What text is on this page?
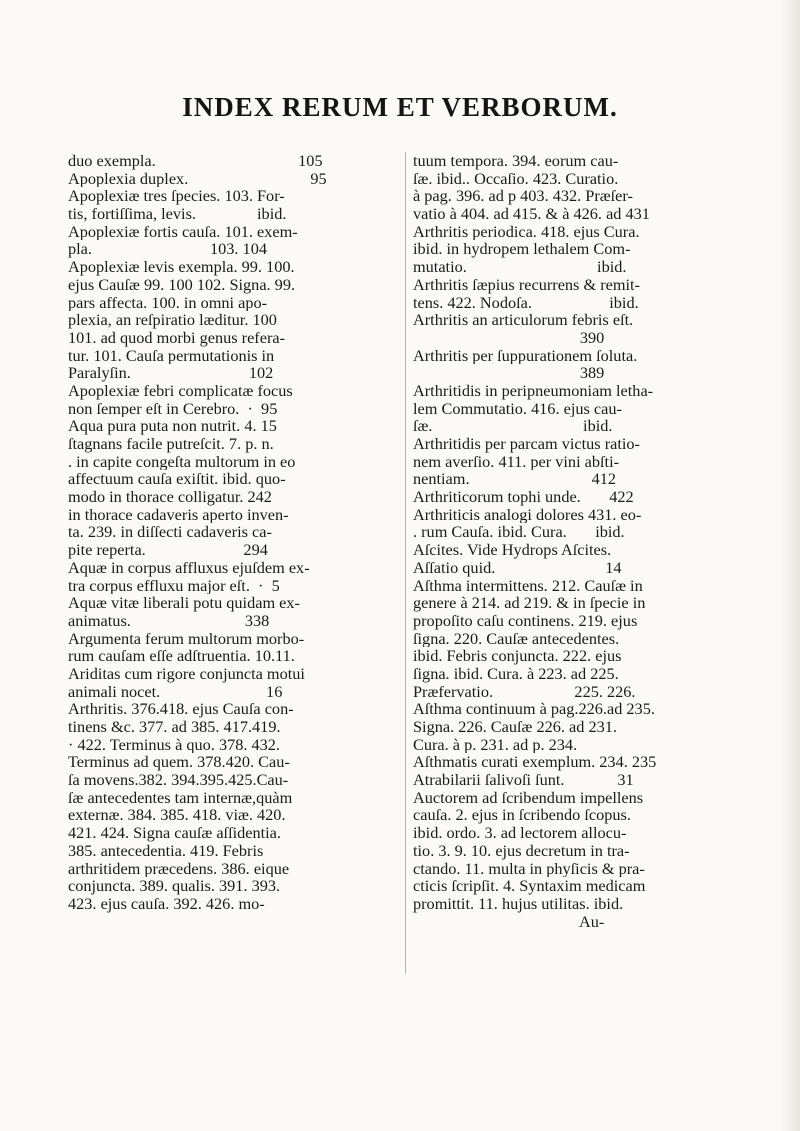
INDEX RERUM ET VERBORUM.
duo exempla.                                   105
Apoplexia duplex.                              95
Apoplexiæ tres ſpecies. 103. For-
tis, fortiſſima, levis.               ibid.
Apoplexiæ fortis cauſa. 101. exem-
pla.                             103. 104
Apoplexiæ levis exempla. 99. 100.
ejus Cauſæ 99. 100 102. Signa. 99.
pars affecta. 100. in omni apo-
plexia, an reſpiratio læditur. 100
101. ad quod morbi genus refera-
tur. 101. Cauſa permutationis in
Paralyſin.                             102
Apoplexiæ febri complicatæ focus
non ſemper eſt in Cerebro.  ·  95
Aqua pura puta non nutrit. 4. 15
ſtagnans facile putreſcit. 7. p. n.
. in capite congeſta multorum in eo
affectuum cauſa exiſtit. ibid. quo-
modo in thorace colligatur. 242
in thorace cadaveris aperto inven-
ta. 239. in diſſecti cadaveris ca-
pite reperta.                        294
Aquæ in corpus affluxus ejuſdem ex-
tra corpus effluxu major eſt.  ·  5
Aquæ vitæ liberali potu quidam ex-
animatus.                            338
Argumenta ferum multorum morbo-
rum cauſam eſſe adſtruentia. 10.11.
Ariditas cum rigore conjuncta motui
animali nocet.                          16
Arthritis. 376.418. ejus Cauſa con-
tinens &c. 377. ad 385. 417.419.
· 422. Terminus à quo. 378. 432.
Terminus ad quem. 378.420. Cau-
ſa movens.382. 394.395.425.Cau-
ſæ antecedentes tam internæ,quàm
externæ. 384. 385. 418. viæ. 420.
421. 424. Signa cauſæ aſſidentia.
385. antecedentia. 419. Febris
arthritidem præcedens. 386. eique
conjuncta. 389. qualis. 391. 393.
423. ejus cauſa. 392. 426. mo-
tuum tempora. 394. eorum cau-
ſæ. ibid.. Occaſio. 423. Curatio.
à pag. 396. ad p 403. 432. Præſer-
vatio à 404. ad 415. & à 426. ad 431
Arthritis periodica. 418. ejus Cura.
ibid. in hydropem lethalem Com-
mutatio.                                ibid.
Arthritis ſæpius recurrens & remit-
tens. 422. Nodoſa.                   ibid.
Arthritis an articulorum febris eſt.
390
Arthritis per ſuppurationem ſoluta.
389
Arthritidis in peripneumoniam letha-
lem Commutatio. 416. ejus cau-
ſæ.                                     ibid.
Arthritidis per parcam victus ratio-
nem averſio. 411. per vini abſti-
nentiam.                              412
Arthriticorum tophi unde.       422
Arthriticis analogi dolores 431. eo-
. rum Cauſa. ibid. Cura.       ibid.
Aſcites. Vide Hydrops Aſcites.
Aſſatio quid.                           14
Aſthma intermittens. 212. Cauſæ in
genere à 214. ad 219. & in ſpecie in
propoſito caſu continens. 219. ejus
ſigna. 220. Cauſæ antecedentes.
ibid. Febris conjuncta. 222. ejus
ſigna. ibid. Cura. à 223. ad 225.
Præfervatio.                    225. 226.
Aſthma continuum à pag.226.ad 235.
Signa. 226. Cauſæ 226. ad 231.
Cura. à p. 231. ad p. 234.
Aſthmatis curati exemplum. 234. 235
Atrabilarii ſalivoſi ſunt.             31
Auctorem ad ſcribendum impellens
cauſa. 2. ejus in ſcribendo ſcopus.
ibid. ordo. 3. ad lectorem allocu-
tio. 3. 9. 10. ejus decretum in tra-
ctando. 11. multa in phyſicis & pra-
cticis ſcripſit. 4. Syntaxim medicam
promittit. 11. hujus utilitas. ibid.
Au-
